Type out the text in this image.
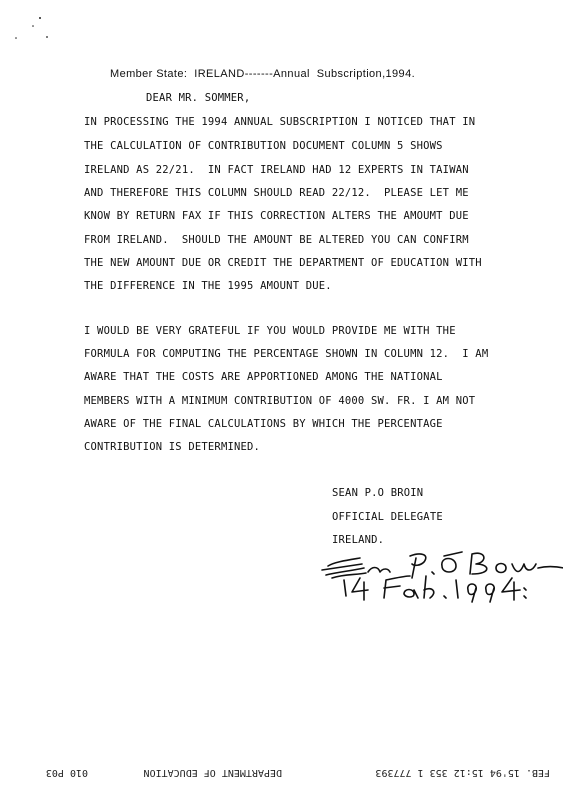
Member State:  IRELAND-------Annual  Subscription,1994.
DEAR MR. SOMMER,
IN PROCESSING THE 1994 ANNUAL SUBSCRIPTION I NOTICED THAT IN
THE CALCULATION OF CONTRIBUTION DOCUMENT COLUMN 5 SHOWS
IRELAND AS 22/21.  IN FACT IRELAND HAD 12 EXPERTS IN TAIWAN
AND THEREFORE THIS COLUMN SHOULD READ 22/12.  PLEASE LET ME
KNOW BY RETURN FAX IF THIS CORRECTION ALTERS THE AMOUMT DUE
FROM IRELAND.  SHOULD THE AMOUNT BE ALTERED YOU CAN CONFIRM
THE NEW AMOUNT DUE OR CREDIT THE DEPARTMENT OF EDUCATION WITH
THE DIFFERENCE IN THE 1995 AMOUNT DUE.
I WOULD BE VERY GRATEFUL IF YOU WOULD PROVIDE ME WITH THE
FORMULA FOR COMPUTING THE PERCENTAGE SHOWN IN COLUMN 12.  I AM
AWARE THAT THE COSTS ARE APPORTIONED AMONG THE NATIONAL
MEMBERS WITH A MINIMUM CONTRIBUTION OF 4000 SW. FR. I AM NOT
AWARE OF THE FINAL CALCULATIONS BY WHICH THE PERCENTAGE
CONTRIBUTION IS DETERMINED.
SEAN P.O BROIN
OFFICIAL DELEGATE
IRELAND.
FEB. 15'94 15:12 353 1 777393
DEPARTMENT OF EDUCATION
010 P03
